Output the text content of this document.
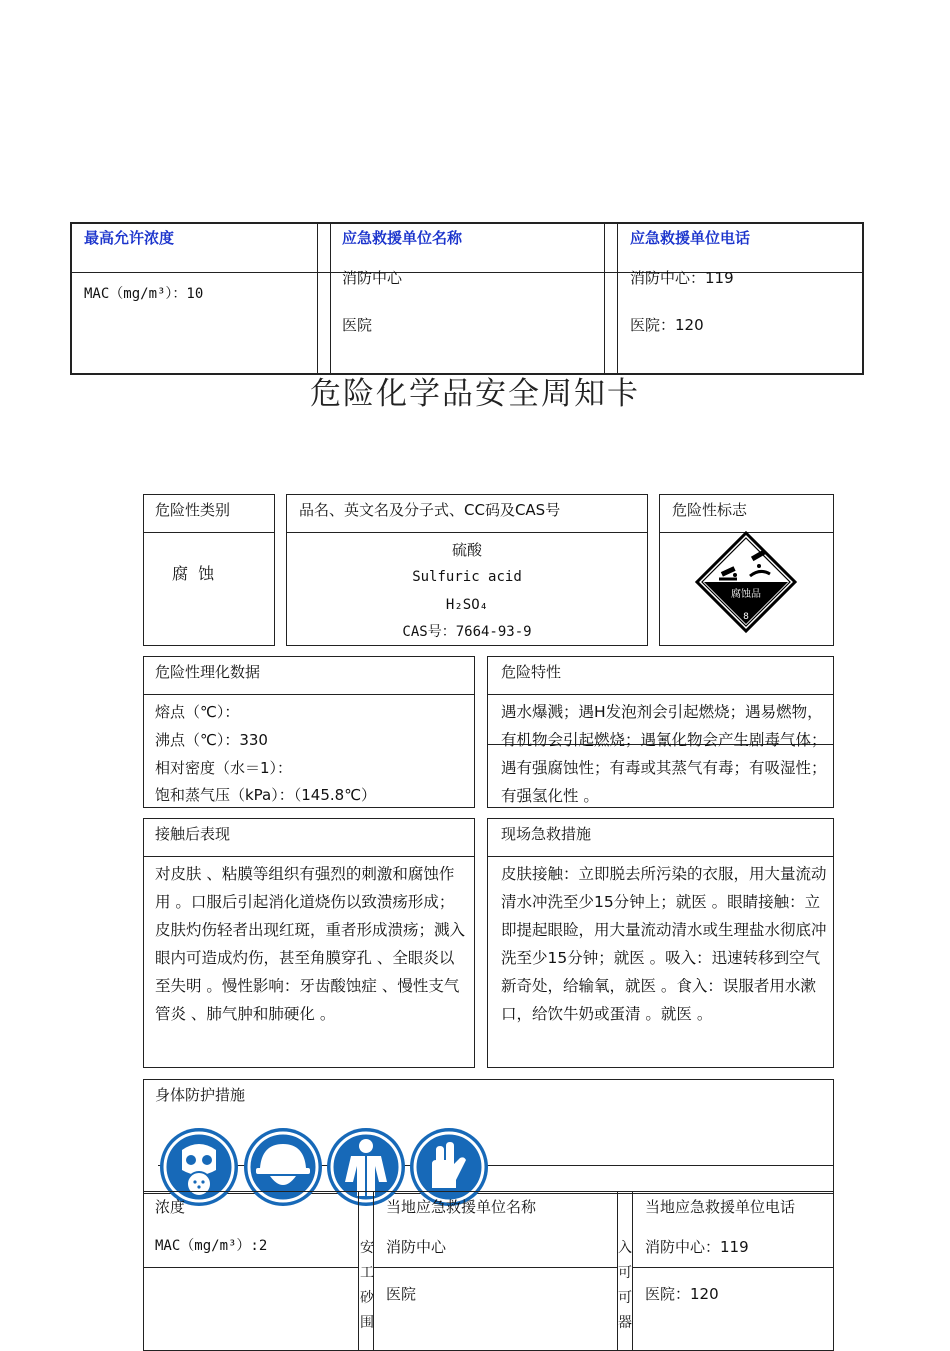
危险化学品安全周知卡
最高允许浓度
MAC（mg/m³）：10
应急救援单位名称
消防中心
医院
应急救援单位电话
消防中心：119
医院：120
危险性类别
腐  蚀
品名、英文名及分子式、CC码及CAS号
硫酸
Sulfuric acid
H₂SO₄
CAS号：7664-93-9
危险性标志
腐蚀品
8
危险性理化数据
熔点（℃）：
沸点（℃）：330
相对密度（水＝1）：
饱和蒸气压（kPa）：（145.8℃）
危险特性
遇水爆溅；遇H发泡剂会引起燃烧；遇易燃物，有机物会引起燃烧；遇氰化物会产生剧毒气体；遇有强腐蚀性；有毒或其蒸气有毒；有吸湿性；有强氢化性 。
接触后表现
对皮肤 、粘膜等组织有强烈的刺激和腐蚀作用 。口服后引起消化道烧伤以致溃疡形成；皮肤灼伤轻者出现红斑，重者形成溃疡；溅入眼内可造成灼伤，甚至角膜穿孔 、全眼炎以至失明 。慢性影响：牙齿酸蚀症 、慢性支气管炎 、肺气肿和肺硬化 。
现场急救措施
皮肤接触：立即脱去所污染的衣服，用大量流动清水冲洗至少15分钟上；就医 。眼睛接触：立即提起眼睑，用大量流动清水或生理盐水彻底冲洗至少15分钟；就医 。吸入：迅速转移到空气新奇处，给输氧，就医 。食入：误服者用水漱口，给饮牛奶或蛋清 。就医 。
身体防护措施
浓度
MAC（mg/m³）:2	安工砂围
当地应急救援单位名称
消防中心
医院
入可可器
当地应急救援单位电话
消防中心：119
医院：120
